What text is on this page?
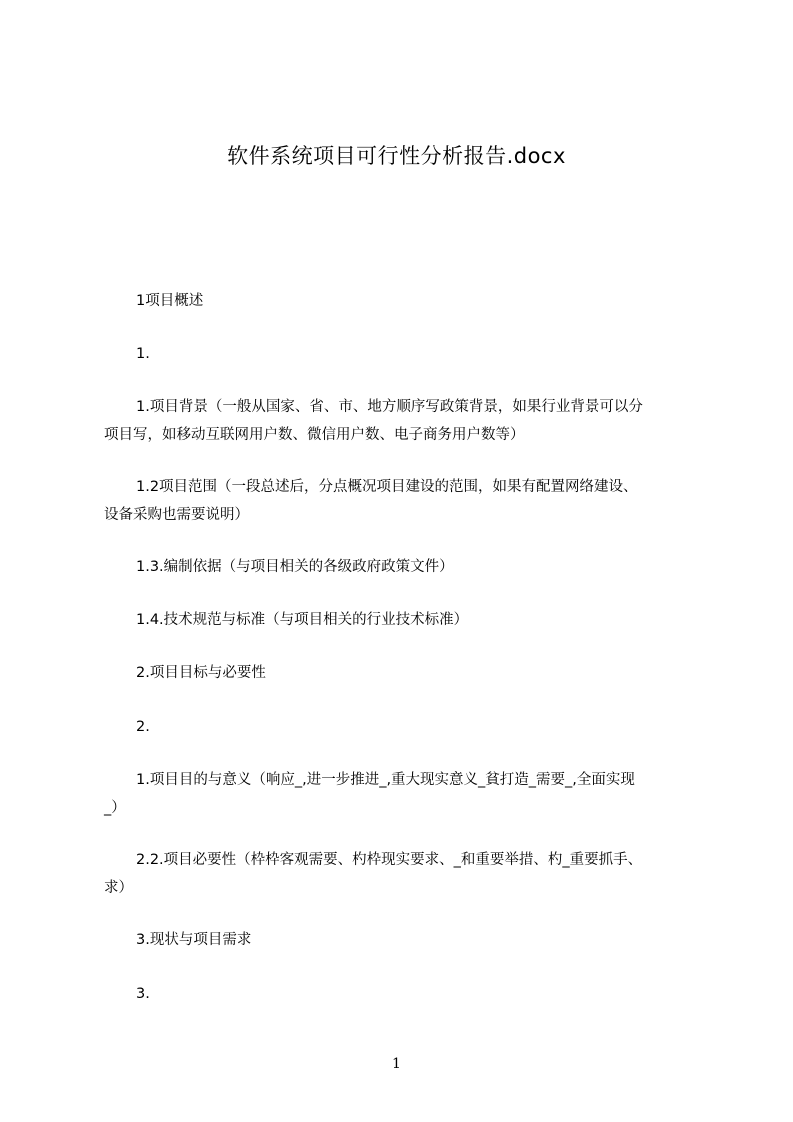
软件系统项目可行性分析报告.docx
1项目概述
1.
1.项目背景（一般从国家、省、市、地方顺序写政策背景，如果行业背景可以分
项目写，如移动互联网用户数、微信用户数、电子商务用户数等）
1.2项目范围（一段总述后，分点概况项目建设的范围，如果有配置网络建设、
设备采购也需要说明）
1.3.编制依据（与项目相关的各级政府政策文件）
1.4.技术规范与标准（与项目相关的行业技术标准）
2.项目目标与必要性
2.
1.项目目的与意义（响应_,进一步推进_,重大现实意义_貧打造_需要_,全面实现
_）
2.2.项目必要性（枠枠客观需要、杓枠现实要求、_和重要举措、杓_重要抓手、
求）
3.现状与项目需求
3.
1
